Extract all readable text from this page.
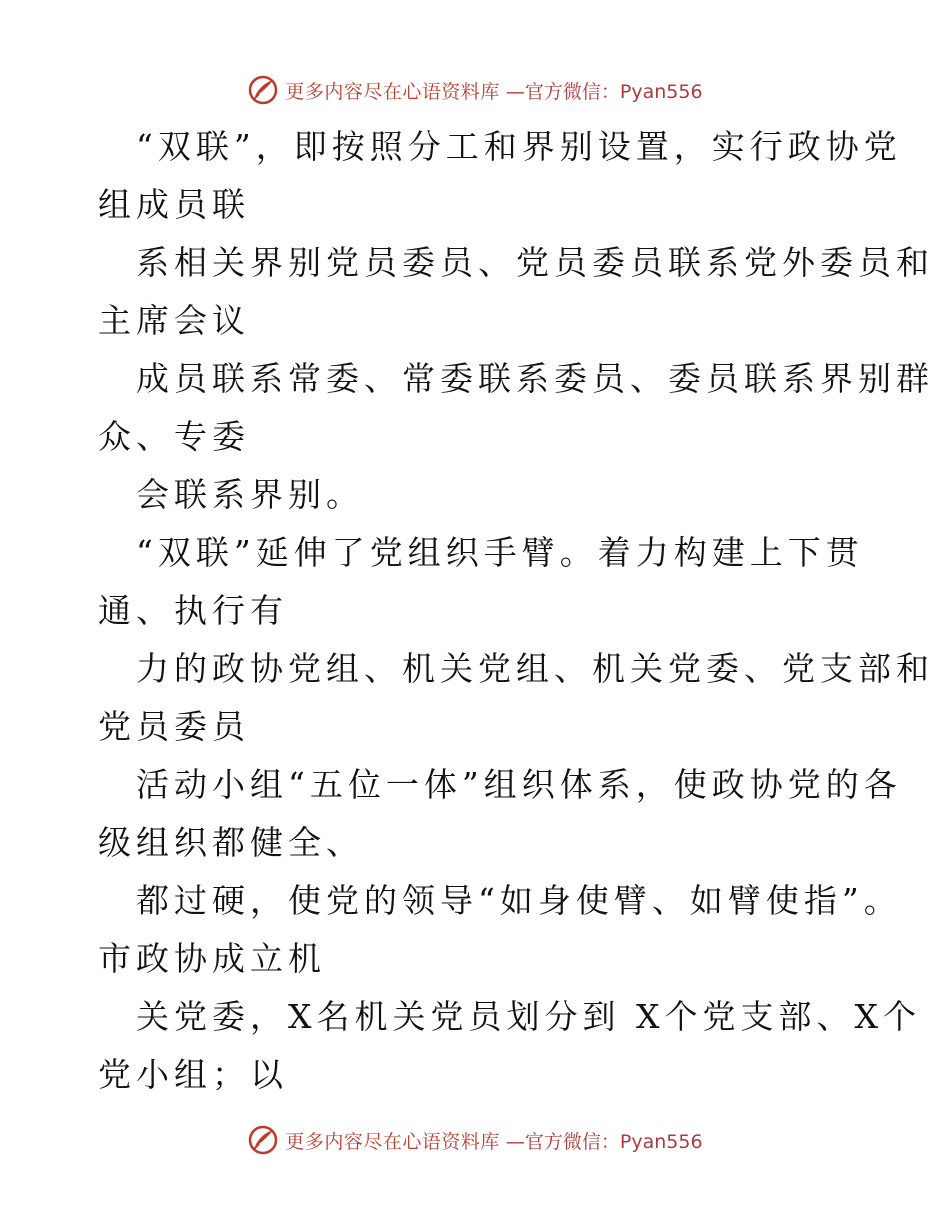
更多内容尽在心语资料库 —官方微信：Pyan556
“双联”，即按照分工和界别设置，实行政协党
组成员联
系相关界别党员委员、党员委员联系党外委员和
主席会议
成员联系常委、常委联系委员、委员联系界别群
众、专委
会联系界别。
“双联”延伸了党组织手臂。着力构建上下贯
通、执行有
力的政协党组、机关党组、机关党委、党支部和
党员委员
活动小组“五位一体”组织体系，使政协党的各
级组织都健全、
都过硬，使党的领导“如身使臂、如臂使指”。
市政协成立机
关党委，X名机关党员划分到 X个党支部、X个
党小组；以
更多内容尽在心语资料库 —官方微信：Pyan556
